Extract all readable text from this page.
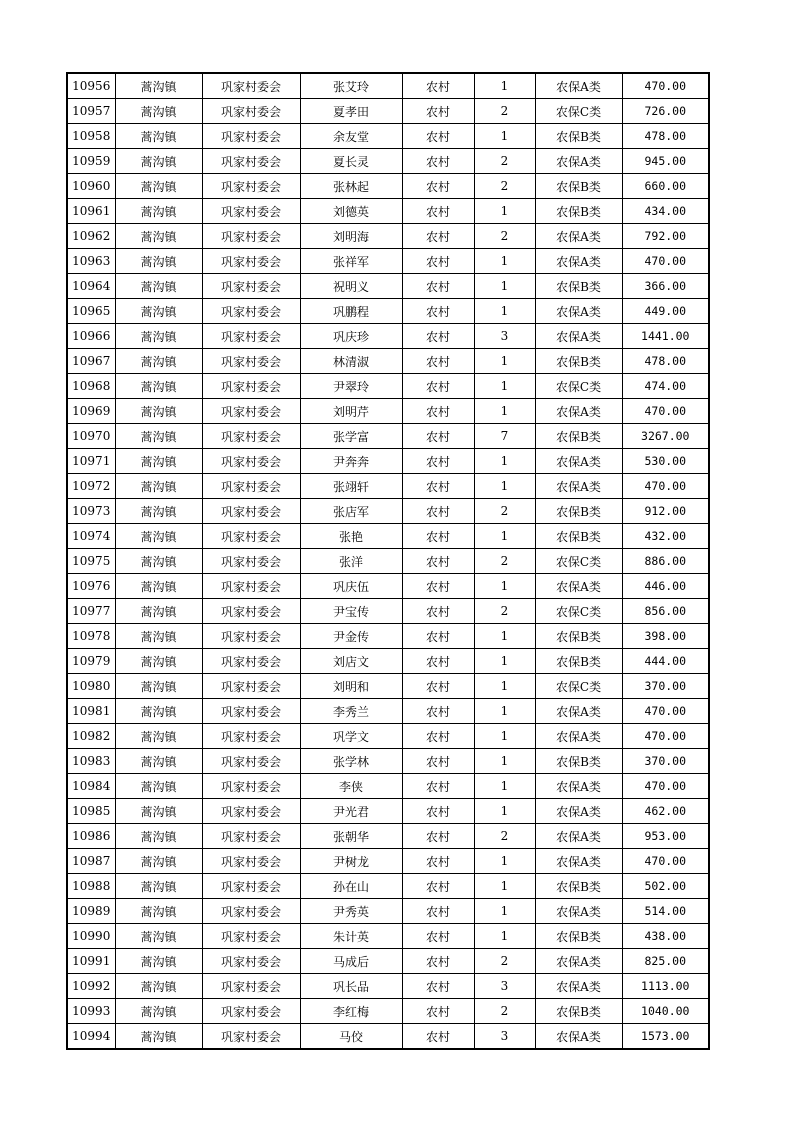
10956	蒿沟镇	巩家村委会	张艾玲	农村	1	农保A类	470.00
10957	蒿沟镇	巩家村委会	夏孝田	农村	2	农保C类	726.00
10958	蒿沟镇	巩家村委会	余友堂	农村	1	农保B类	478.00
10959	蒿沟镇	巩家村委会	夏长灵	农村	2	农保A类	945.00
10960	蒿沟镇	巩家村委会	张林起	农村	2	农保B类	660.00
10961	蒿沟镇	巩家村委会	刘德英	农村	1	农保B类	434.00
10962	蒿沟镇	巩家村委会	刘明海	农村	2	农保A类	792.00
10963	蒿沟镇	巩家村委会	张祥军	农村	1	农保A类	470.00
10964	蒿沟镇	巩家村委会	祝明义	农村	1	农保B类	366.00
10965	蒿沟镇	巩家村委会	巩鹏程	农村	1	农保A类	449.00
10966	蒿沟镇	巩家村委会	巩庆珍	农村	3	农保A类	1441.00
10967	蒿沟镇	巩家村委会	林清淑	农村	1	农保B类	478.00
10968	蒿沟镇	巩家村委会	尹翠玲	农村	1	农保C类	474.00
10969	蒿沟镇	巩家村委会	刘明芹	农村	1	农保A类	470.00
10970	蒿沟镇	巩家村委会	张学富	农村	7	农保B类	3267.00
10971	蒿沟镇	巩家村委会	尹奔奔	农村	1	农保A类	530.00
10972	蒿沟镇	巩家村委会	张翊轩	农村	1	农保A类	470.00
10973	蒿沟镇	巩家村委会	张店军	农村	2	农保B类	912.00
10974	蒿沟镇	巩家村委会	张艳	农村	1	农保B类	432.00
10975	蒿沟镇	巩家村委会	张洋	农村	2	农保C类	886.00
10976	蒿沟镇	巩家村委会	巩庆伍	农村	1	农保A类	446.00
10977	蒿沟镇	巩家村委会	尹宝传	农村	2	农保C类	856.00
10978	蒿沟镇	巩家村委会	尹金传	农村	1	农保B类	398.00
10979	蒿沟镇	巩家村委会	刘店文	农村	1	农保B类	444.00
10980	蒿沟镇	巩家村委会	刘明和	农村	1	农保C类	370.00
10981	蒿沟镇	巩家村委会	李秀兰	农村	1	农保A类	470.00
10982	蒿沟镇	巩家村委会	巩学文	农村	1	农保A类	470.00
10983	蒿沟镇	巩家村委会	张学林	农村	1	农保B类	370.00
10984	蒿沟镇	巩家村委会	李侠	农村	1	农保A类	470.00
10985	蒿沟镇	巩家村委会	尹光君	农村	1	农保A类	462.00
10986	蒿沟镇	巩家村委会	张朝华	农村	2	农保A类	953.00
10987	蒿沟镇	巩家村委会	尹树龙	农村	1	农保A类	470.00
10988	蒿沟镇	巩家村委会	孙在山	农村	1	农保B类	502.00
10989	蒿沟镇	巩家村委会	尹秀英	农村	1	农保A类	514.00
10990	蒿沟镇	巩家村委会	朱计英	农村	1	农保B类	438.00
10991	蒿沟镇	巩家村委会	马成后	农村	2	农保A类	825.00
10992	蒿沟镇	巩家村委会	巩长品	农村	3	农保A类	1113.00
10993	蒿沟镇	巩家村委会	李红梅	农村	2	农保B类	1040.00
10994	蒿沟镇	巩家村委会	马佼	农村	3	农保A类	1573.00
